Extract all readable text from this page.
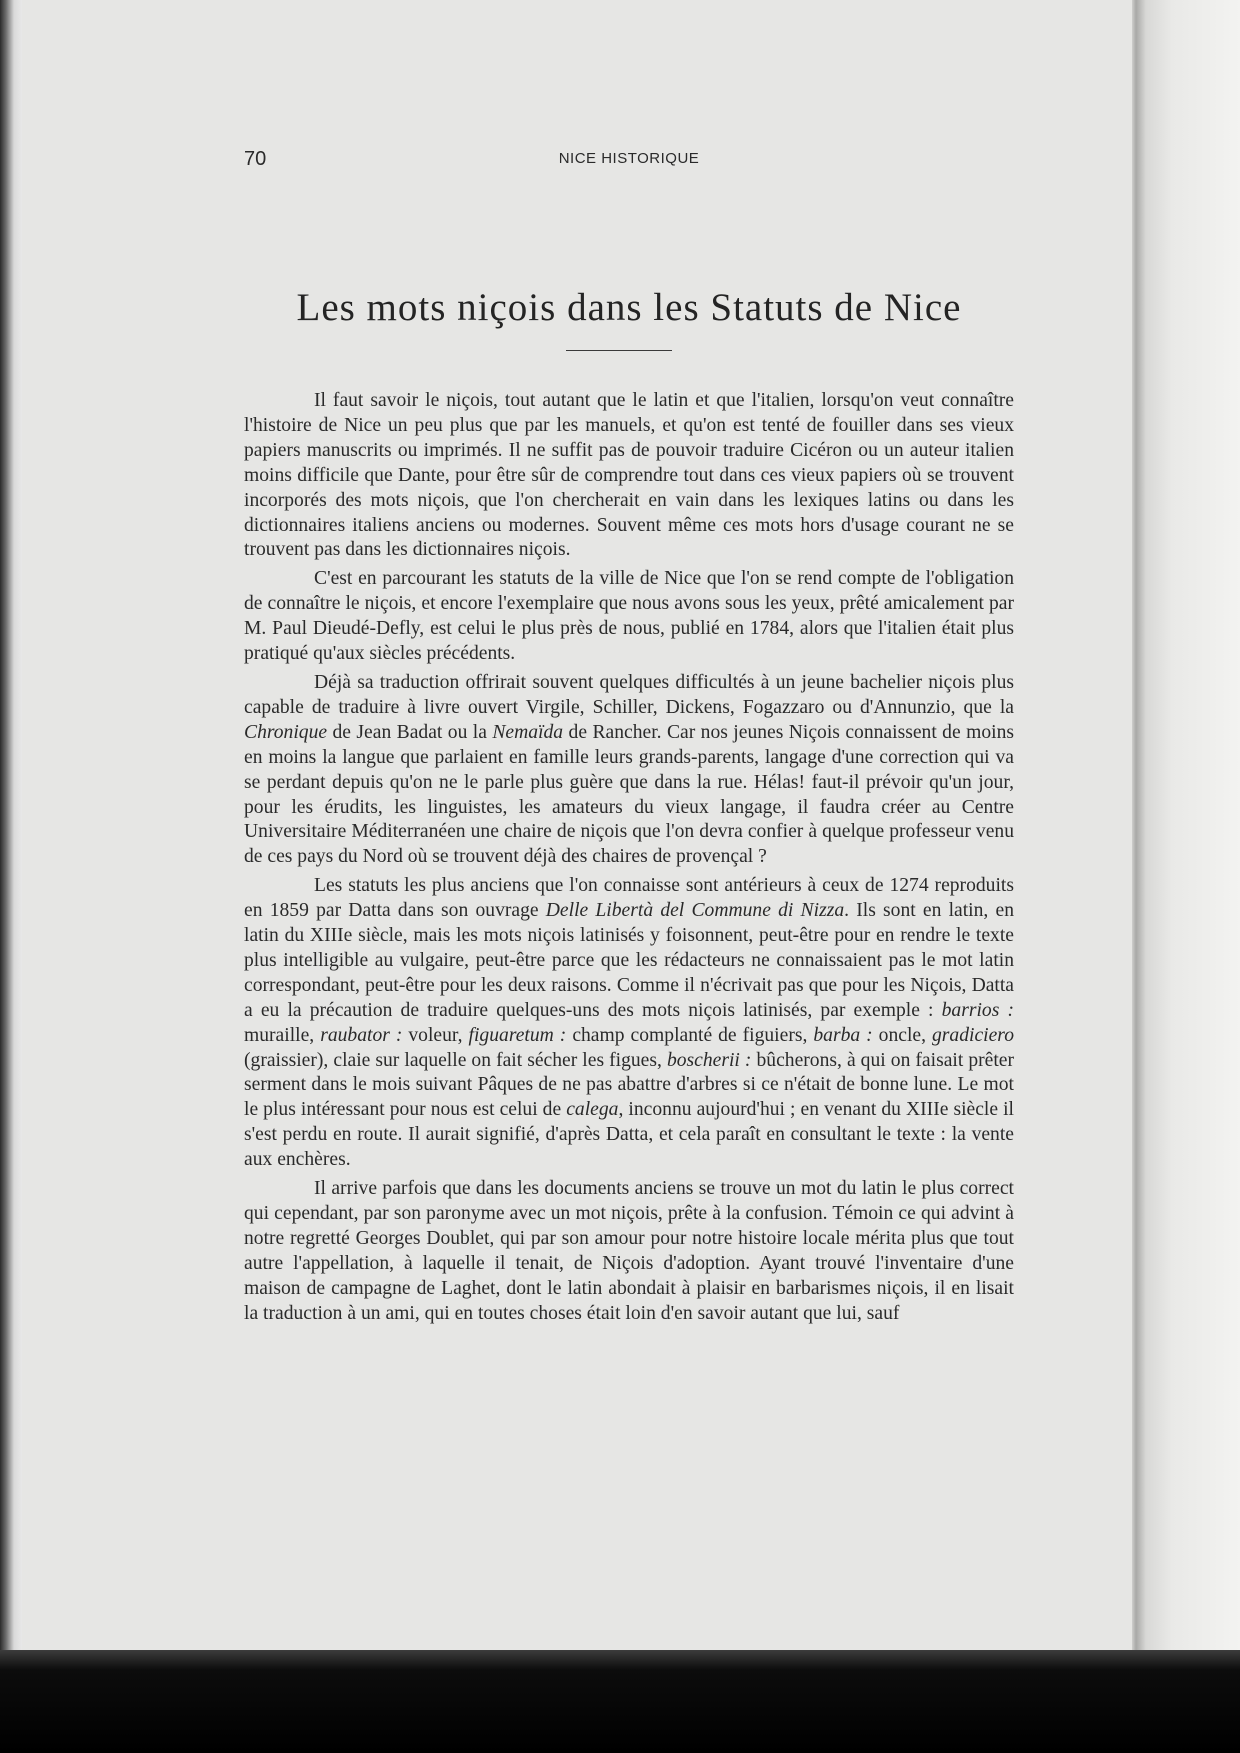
70	NICE HISTORIQUE
Les mots niçois dans les Statuts de Nice

Il faut savoir le niçois, tout autant que le latin et que l'italien, lorsqu'on veut connaître l'histoire de Nice un peu plus que par les manuels, et qu'on est tenté de fouiller dans ses vieux papiers manuscrits ou imprimés. Il ne suffit pas de pouvoir traduire Cicéron ou un auteur italien moins difficile que Dante, pour être sûr de comprendre tout dans ces vieux papiers où se trouvent incorporés des mots niçois, que l'on chercherait en vain dans les lexiques latins ou dans les dictionnaires italiens anciens ou modernes. Souvent même ces mots hors d'usage courant ne se trouvent pas dans les dictionnaires niçois.

C'est en parcourant les statuts de la ville de Nice que l'on se rend compte de l'obligation de connaître le niçois, et encore l'exemplaire que nous avons sous les yeux, prêté amicalement par M. Paul Dieudé-Defly, est celui le plus près de nous, publié en 1784, alors que l'italien était plus pratiqué qu'aux siècles précédents.

Déjà sa traduction offrirait souvent quelques difficultés à un jeune bachelier niçois plus capable de traduire à livre ouvert Virgile, Schiller, Dickens, Fogazzaro ou d'Annunzio, que la Chronique de Jean Badat ou la Nemaïda de Rancher. Car nos jeunes Niçois connaissent de moins en moins la langue que parlaient en famille leurs grands-parents, langage d'une correction qui va se perdant depuis qu'on ne le parle plus guère que dans la rue. Hélas! faut-il prévoir qu'un jour, pour les érudits, les linguistes, les amateurs du vieux langage, il faudra créer au Centre Universitaire Méditerranéen une chaire de niçois que l'on devra confier à quelque professeur venu de ces pays du Nord où se trouvent déjà des chaires de provençal ?

Les statuts les plus anciens que l'on connaisse sont antérieurs à ceux de 1274 reproduits en 1859 par Datta dans son ouvrage Delle Libertà del Commune di Nizza. Ils sont en latin, en latin du XIIIe siècle, mais les mots niçois latinisés y foisonnent, peut-être pour en rendre le texte plus intelligible au vulgaire, peut-être parce que les rédacteurs ne connaissaient pas le mot latin correspondant, peut-être pour les deux raisons. Comme il n'écrivait pas que pour les Niçois, Datta a eu la précaution de traduire quelques-uns des mots niçois latinisés, par exemple : barrios : muraille, raubator : voleur, figuaretum : champ complanté de figuiers, barba : oncle, gradiciero (graissier), claie sur laquelle on fait sécher les figues, boscherii : bûcherons, à qui on faisait prêter serment dans le mois suivant Pâques de ne pas abattre d'arbres si ce n'était de bonne lune. Le mot le plus intéressant pour nous est celui de calega, inconnu aujourd'hui ; en venant du XIIIe siècle il s'est perdu en route. Il aurait signifié, d'après Datta, et cela paraît en consultant le texte : la vente aux enchères.

Il arrive parfois que dans les documents anciens se trouve un mot du latin le plus correct qui cependant, par son paronyme avec un mot niçois, prête à la confusion. Témoin ce qui advint à notre regretté Georges Doublet, qui par son amour pour notre histoire locale mérita plus que tout autre l'appellation, à laquelle il tenait, de Niçois d'adoption. Ayant trouvé l'inventaire d'une maison de campagne de Laghet, dont le latin abondait à plaisir en barbarismes niçois, il en lisait la traduction à un ami, qui en toutes choses était loin d'en savoir autant que lui, sauf
